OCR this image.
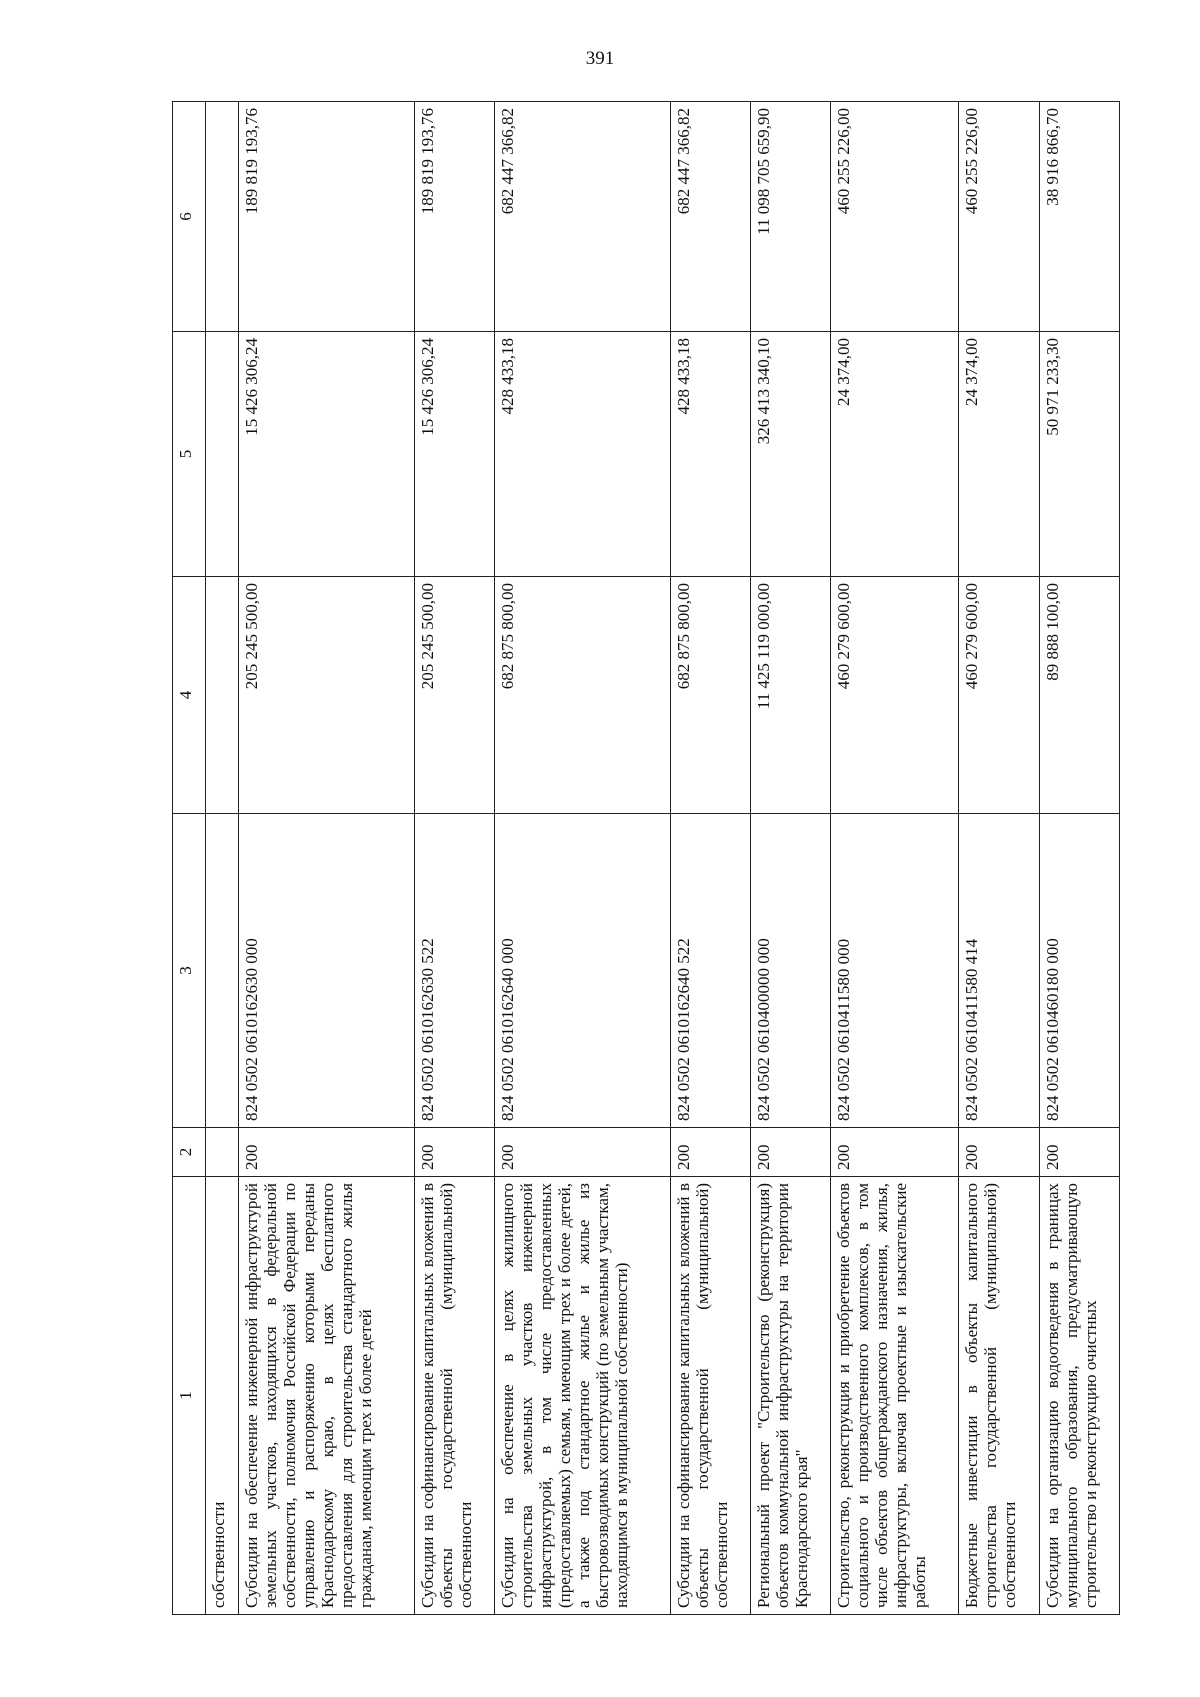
391
1	2	3	4	5	6
собственности					
Субсидии на обеспечение инженерной инфраструктурой земельных участков, находящихся в федеральной собственности, полномочия Российской Федерации по управлению и распоряжению которыми переданы Краснодарскому краю, в целях бесплатного предоставления для строительства стандартного жилья гражданам, имеющим трех и более детей	200	824 0502 0610162630 000	205 245 500,00	15 426 306,24	189 819 193,76
Субсидии на софинансирование капитальных вложений в объекты государственной (муниципальной) собственности	200	824 0502 0610162630 522	205 245 500,00	15 426 306,24	189 819 193,76
Субсидии на обеспечение в целях жилищного строительства земельных участков инженерной инфраструктурой, в том числе предоставленных (предоставляемых) семьям, имеющим трех и более детей, а также под стандартное жилье и жилье из быстровозводимых конструкций (по земельным участкам, находящимся в муниципальной собственности)	200	824 0502 0610162640 000	682 875 800,00	428 433,18	682 447 366,82
Субсидии на софинансирование капитальных вложений в объекты государственной (муниципальной) собственности	200	824 0502 0610162640 522	682 875 800,00	428 433,18	682 447 366,82
Региональный проект "Строительство (реконструкция) объектов коммунальной инфраструктуры на территории Краснодарского края"	200	824 0502 0610400000 000	11 425 119 000,00	326 413 340,10	11 098 705 659,90
Строительство, реконструкция и приобретение объектов социального и производственного комплексов, в том числе объектов общегражданского назначения, жилья, инфраструктуры, включая проектные и изыскательские работы	200	824 0502 0610411580 000	460 279 600,00	24 374,00	460 255 226,00
Бюджетные инвестиции в объекты капитального строительства государственной (муниципальной) собственности	200	824 0502 0610411580 414	460 279 600,00	24 374,00	460 255 226,00
Субсидии на организацию водоотведения в границах муниципального образования, предусматривающую строительство и реконструкцию очистных	200	824 0502 0610460180 000	89 888 100,00	50 971 233,30	38 916 866,70
